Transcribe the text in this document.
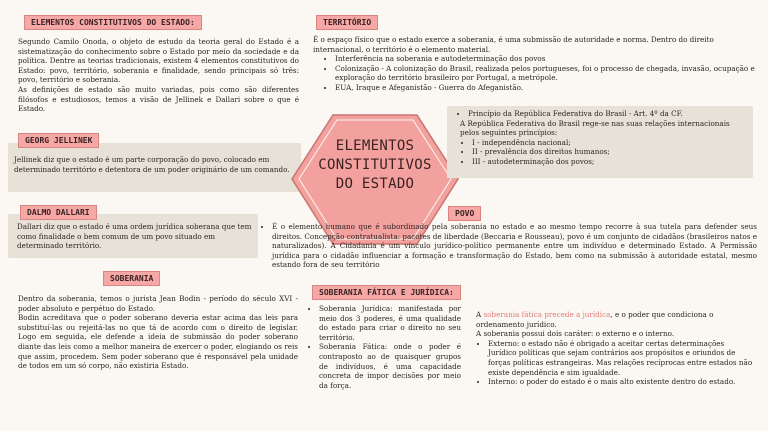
ELEMENTOS CONSTITUTIVOS DO ESTADO:
Segundo Camilo Onoda, o objeto de estudo da teoria geral do Estado é a sistematização do conhecimento sobre o Estado por meio da sociedade e da política. Dentre as teorias tradicionais, existem 4 elementos constitutivos do Estado: povo, território, soberania e finalidade, sendo principais só três: povo, território e soberania.
As definições de estado são muito variadas, pois como são diferentes filósofos e estudiosos, temos a visão de Jellinek e Dallari sobre o que é Estado.
GEORG JELLINEK
Jellinek diz que o estado é um parte corporação do povo, colocado em determinado território e detentora de um poder originário de um comando.
DALMO DALLARI
Dallari diz que o estado é uma ordem jurídica soberana que tem como finalidade o bem comum de um povo situado em determinado território.
SOBERANIA
Dentro da soberania, temos o jurista Jean Bodin - período do século XVI - poder absoluto e perpétuo do Estado.
Bodin acreditava que o poder soberano deveria estar acima das leis para substituí-las ou rejeitá-las no que tá de acordo com o direito de legislar. Logo em seguida, ele defende a ideia de submissão do poder soberano diante das leis como a melhor maneira de exercer o poder, elogiando os reis que assim, procedem. Sem poder soberano que é responsável pela unidade de todos em um só corpo, não existiria Estado.
ELEMENTOS
CONSTITUTIVOS
DO ESTADO
TERRITÓRIO
É o espaço físico que o estado exerce a soberania, é uma submissão de autoridade e norma. Dentro do direito internacional, o território é o elemento material.
• Interferência na soberania e autodeterminação dos povos
• Colonização - A colonização do Brasil, realizada pelos portugueses, foi o processo de chegada, invasão, ocupação e exploração do território brasileiro por Portugal, a metrópole.
• EUA, Iraque e Afeganistão - Guerra do Afeganistão.
• Princípio da República Federativa do Brasil - Art. 4º da CF.
A República Federativa do Brasil rege-se nas suas relações internacionais pelos seguintes princípios:
• I - independência nacional;
• II - prevalência dos direitos humanos;
• III - autodeterminação dos povos;
POVO
• É o elemento humano que é subordinado pela soberania no estado e ao mesmo tempo recorre à sua tutela para defender seus direitos. Concepção contratualista: pacotes de liberdade (Beccaria e Rousseau), povo é um conjunto de cidadãos (brasileiros natos e naturalizados). A Cidadania é um vínculo jurídico-político permanente entre um indivíduo e determinado Estado. A Permissão jurídica para o cidadão influenciar a formação e transformação do Estado, bem como na submissão à autoridade estatal, mesmo estando fora de seu território
SOBERANIA FÁTICA E JURÍDICA:
• Soberania Jurídica: manifestada por meio dos 3 poderes, é uma qualidade do estado para criar o direito no seu território.
• Soberania Fática: onde o poder é contraposto ao de quaisquer grupos de indivíduos, é uma capacidade concreta de impor decisões por meio da força.
A soberania fática precede a jurídica, e o poder que condiciona o ordenamento jurídico.
A soberania possui dois caráter: o externo e o interno.
• Externo: o estado não é obrigado a aceitar certas determinações Jurídico políticas que sejam contrários aos propósitos e oriundos de forças políticas estrangeiras. Mas relações recíprocas entre estados não existe dependência e sim igualdade.
• Interno: o poder do estado é o mais alto existente dentro do estado.
